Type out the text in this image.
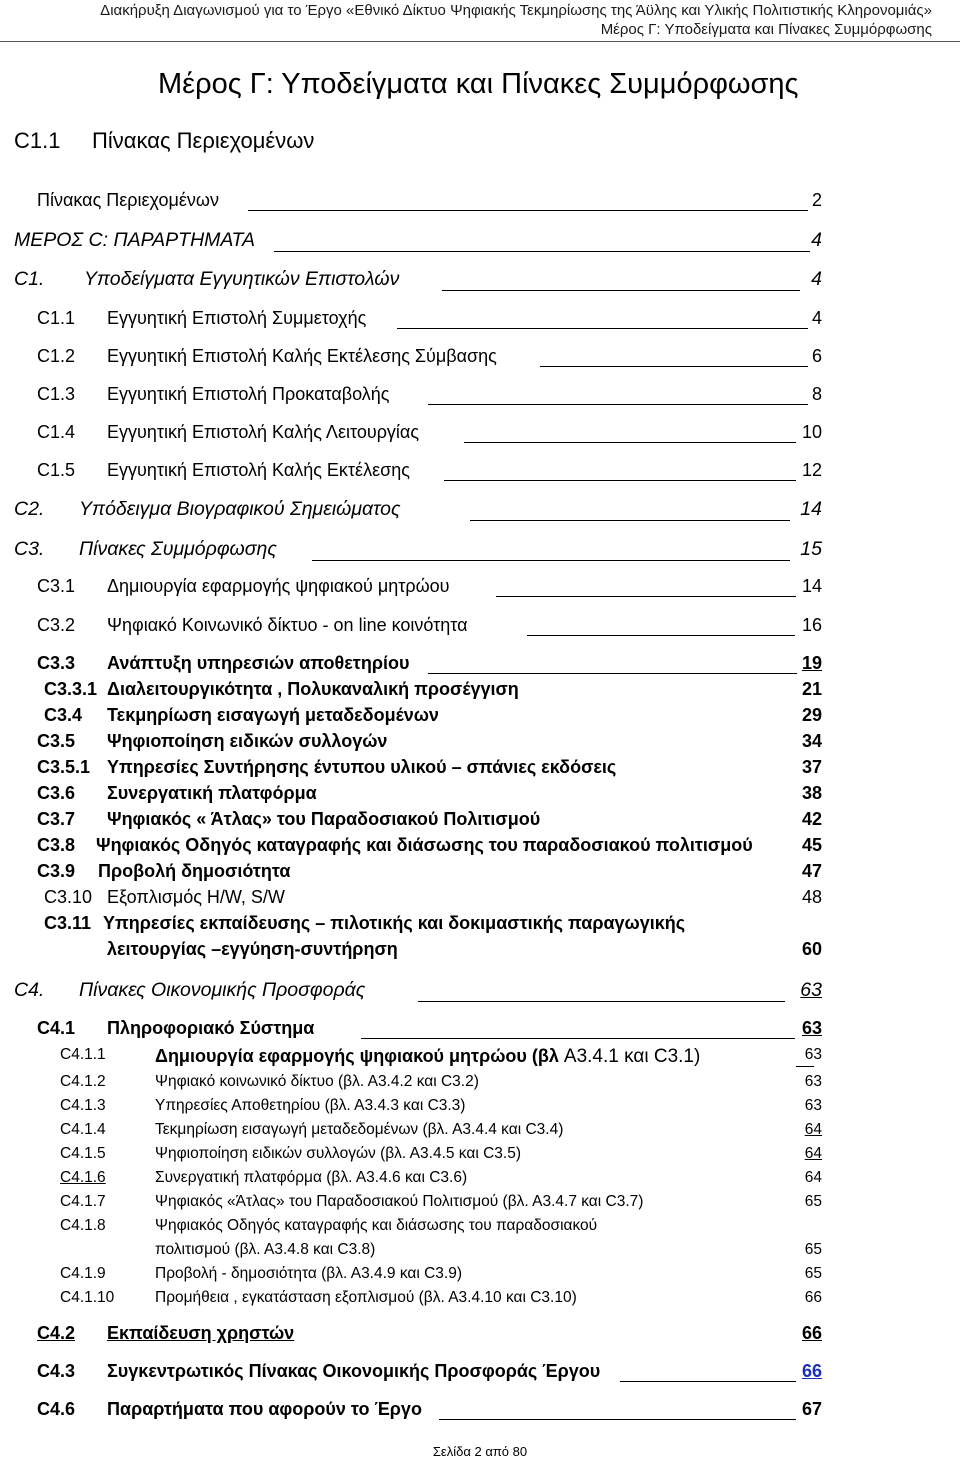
Διακήρυξη Διαγωνισμού για το Έργο «Εθνικό Δίκτυο Ψηφιακής Τεκμηρίωσης της Άϋλης και Υλικής Πολιτιστικής Κληρονομιάς»
Μέρος Γ: Υποδείγματα και Πίνακες Συμμόρφωσης
Μέρος Γ: Υποδείγματα και Πίνακες Συμμόρφωσης
C1.1 Πίνακας Περιεχομένων
Πίνακας Περιεχομένων	2
ΜΕΡΟΣ C: ΠΑΡΑΡΤΗΜΑΤΑ	4
C1. Υποδείγματα Εγγυητικών Επιστολών	4
C1.1 Εγγυητική Επιστολή Συμμετοχής	4
C1.2 Εγγυητική Επιστολή Καλής Εκτέλεσης Σύμβασης	6
C1.3 Εγγυητική Επιστολή Προκαταβολής	8
C1.4 Εγγυητική Επιστολή Καλής Λειτουργίας	10
C1.5 Εγγυητική Επιστολή Καλής Εκτέλεσης	12
C2. Υπόδειγμα Βιογραφικού Σημειώματος	14
C3. Πίνακες Συμμόρφωσης	15
C3.1 Δημιουργία εφαρμογής ψηφιακού μητρώου	14
C3.2 Ψηφιακό Κοινωνικό δίκτυο - on line κοινότητα	16
C3.3 Ανάπτυξη υπηρεσιών αποθετηρίου	19
C3.3.1 Διαλειτουργικότητα , Πολυκαναλική προσέγγιση	21
C3.4 Τεκμηρίωση εισαγωγή μεταδεδομένων	29
C3.5 Ψηφιοποίηση ειδικών συλλογών	34
C3.5.1 Υπηρεσίες Συντήρησης έντυπου υλικού – σπάνιες εκδόσεις	37
C3.6 Συνεργατική πλατφόρμα	38
C3.7 Ψηφιακός « Άτλας» του Παραδοσιακού Πολιτισμού	42
C3.8 Ψηφιακός Οδηγός καταγραφής και διάσωσης του παραδοσιακού πολιτισμού	45
C3.9 Προβολή δημοσιότητα	47
C3.10 Εξοπλισμός H/W, S/W	48
C3.11 Υπηρεσίες εκπαίδευσης – πιλοτικής και δοκιμαστικής παραγωγικής
λειτουργίας –εγγύηση-συντήρηση	60
C4. Πίνακες Οικονομικής Προσφοράς	63
C4.1 Πληροφοριακό Σύστημα	63
C4.1.1	Δημιουργία εφαρμογής ψηφιακού μητρώου (βλ Α3.4.1 και C3.1)	63
C4.1.2	Ψηφιακό κοινωνικό δίκτυο (βλ. Α3.4.2 και C3.2)	63
C4.1.3	Υπηρεσίες Αποθετηρίου (βλ. Α3.4.3 και C3.3)	63
C4.1.4	Τεκμηρίωση εισαγωγή μεταδεδομένων (βλ. Α3.4.4 και C3.4)	64
C4.1.5	Ψηφιοποίηση ειδικών συλλογών (βλ. Α3.4.5 και C3.5)	64
C4.1.6	Συνεργατική πλατφόρμα (βλ. Α3.4.6 και C3.6)	64
C4.1.7	Ψηφιακός «Άτλας» του Παραδοσιακού Πολιτισμού (βλ. Α3.4.7 και C3.7)	65
C4.1.8	Ψηφιακός Οδηγός καταγραφής και διάσωσης του παραδοσιακού
πολιτισμού (βλ. Α3.4.8 και C3.8)	65
C4.1.9	Προβολή - δημοσιότητα (βλ. Α3.4.9 και C3.9)	65
C4.1.10	Προμήθεια , εγκατάσταση εξοπλισμού (βλ. Α3.4.10 και C3.10)	66
C4.2 Εκπαίδευση χρηστών	66
C4.3 Συγκεντρωτικός Πίνακας Οικονομικής Προσφοράς Έργου	66
C4.6 Παραρτήματα που αφορούν το Έργο	67
Σελίδα 2 από 80
